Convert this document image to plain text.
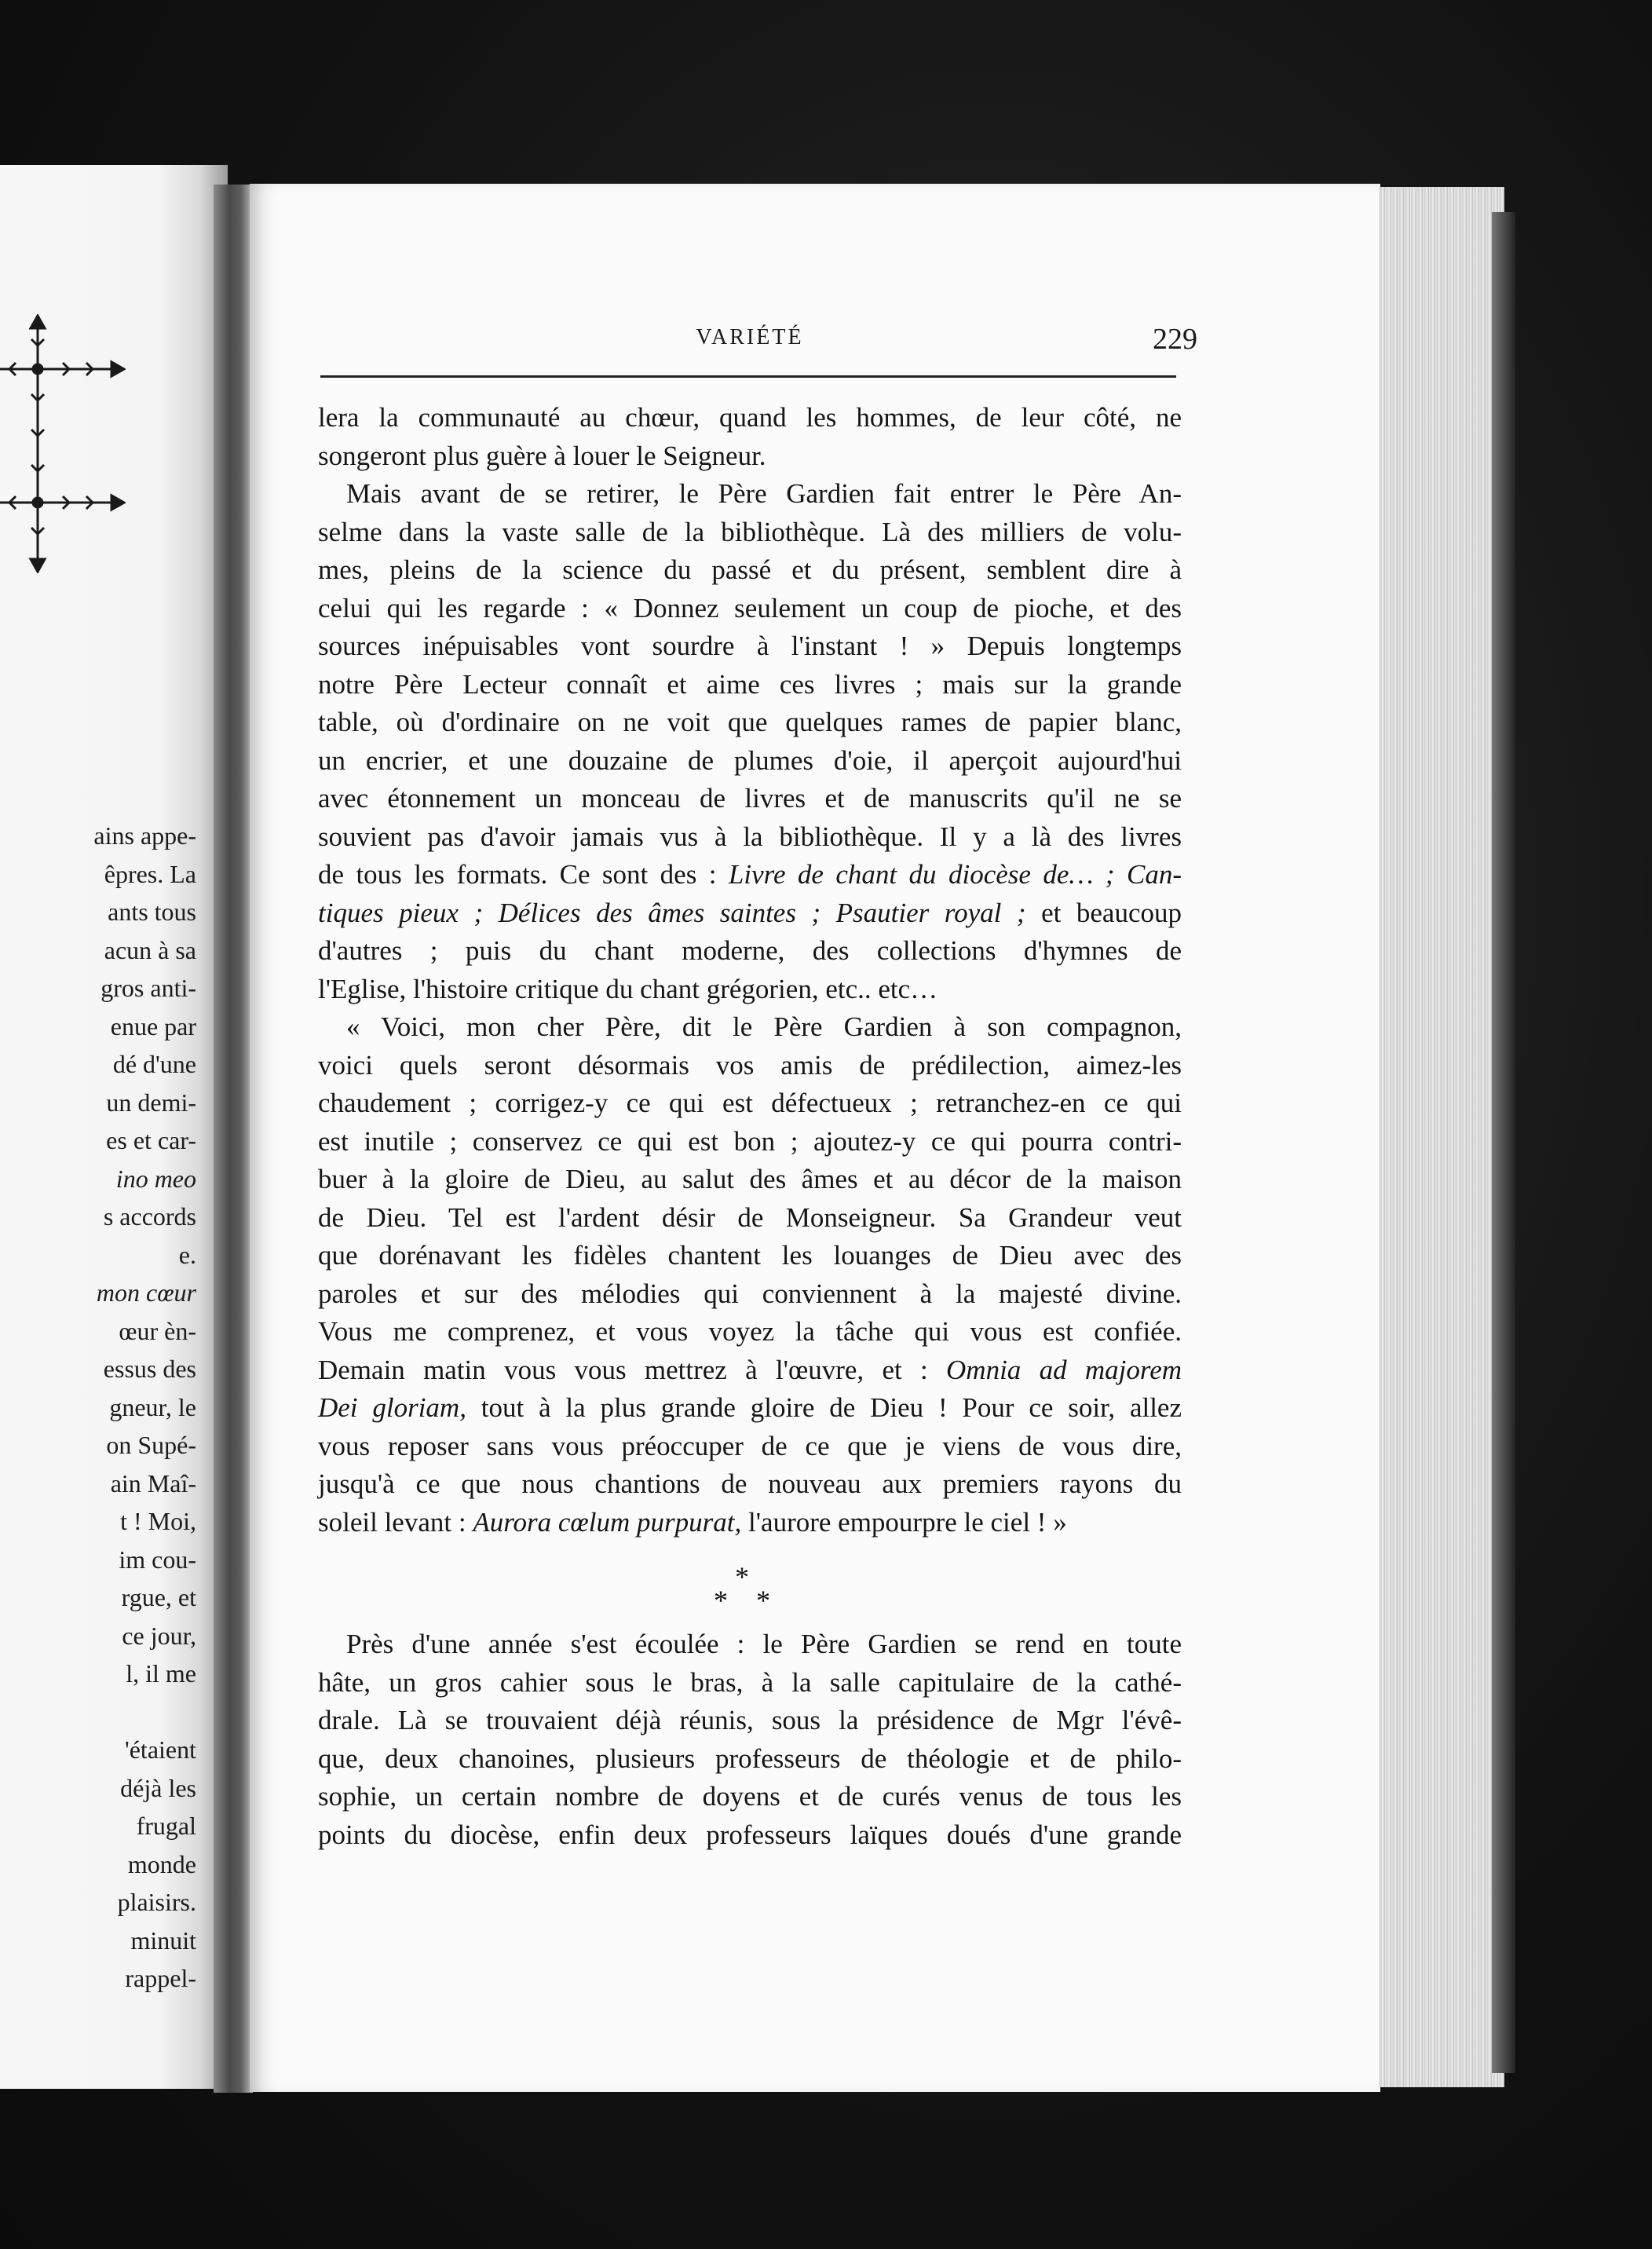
ains appe-
êpres. La
ants tous
acun à sa
gros anti-
enue par
dé d'une
un demi-
es et car-
ino meo
s accords
e.
mon cœur
œur èn-
essus des
gneur, le
on Supé-
ain Maî-
t ! Moi,
im cou-
rgue, et
ce jour,
l, il me
'étaient
déjà les
frugal
monde
plaisirs.
minuit
rappel-
VARIÉTÉ	229
lera la communauté au chœur, quand les hommes, de leur côté, ne
songeront plus guère à louer le Seigneur.
Mais avant de se retirer, le Père Gardien fait entrer le Père An-
selme dans la vaste salle de la bibliothèque. Là des milliers de volu-
mes, pleins de la science du passé et du présent, semblent dire à
celui qui les regarde : « Donnez seulement un coup de pioche, et des
sources inépuisables vont sourdre à l'instant ! » Depuis longtemps
notre Père Lecteur connaît et aime ces livres ; mais sur la grande
table, où d'ordinaire on ne voit que quelques rames de papier blanc,
un encrier, et une douzaine de plumes d'oie, il aperçoit aujourd'hui
avec étonnement un monceau de livres et de manuscrits qu'il ne se
souvient pas d'avoir jamais vus à la bibliothèque. Il y a là des livres
de tous les formats. Ce sont des : Livre de chant du diocèse de… ; Can-
tiques pieux ; Délices des âmes saintes ; Psautier royal ; et beaucoup
d'autres ; puis du chant moderne, des collections d'hymnes de
l'Eglise, l'histoire critique du chant grégorien, etc.. etc…
« Voici, mon cher Père, dit le Père Gardien à son compagnon,
voici quels seront désormais vos amis de prédilection, aimez-les
chaudement ; corrigez-y ce qui est défectueux ; retranchez-en ce qui
est inutile ; conservez ce qui est bon ; ajoutez-y ce qui pourra contri-
buer à la gloire de Dieu, au salut des âmes et au décor de la maison
de Dieu. Tel est l'ardent désir de Monseigneur. Sa Grandeur veut
que dorénavant les fidèles chantent les louanges de Dieu avec des
paroles et sur des mélodies qui conviennent à la majesté divine.
Vous me comprenez, et vous voyez la tâche qui vous est confiée.
Demain matin vous vous mettrez à l'œuvre, et : Omnia ad majorem
Dei gloriam, tout à la plus grande gloire de Dieu ! Pour ce soir, allez
vous reposer sans vous préoccuper de ce que je viens de vous dire,
jusqu'à ce que nous chantions de nouveau aux premiers rayons du
soleil levant : Aurora cœlum purpurat, l'aurore empourpre le ciel ! »
*
* *
Près d'une année s'est écoulée : le Père Gardien se rend en toute
hâte, un gros cahier sous le bras, à la salle capitulaire de la cathé-
drale. Là se trouvaient déjà réunis, sous la présidence de Mgr l'évê-
que, deux chanoines, plusieurs professeurs de théologie et de philo-
sophie, un certain nombre de doyens et de curés venus de tous les
points du diocèse, enfin deux professeurs laïques doués d'une grande
